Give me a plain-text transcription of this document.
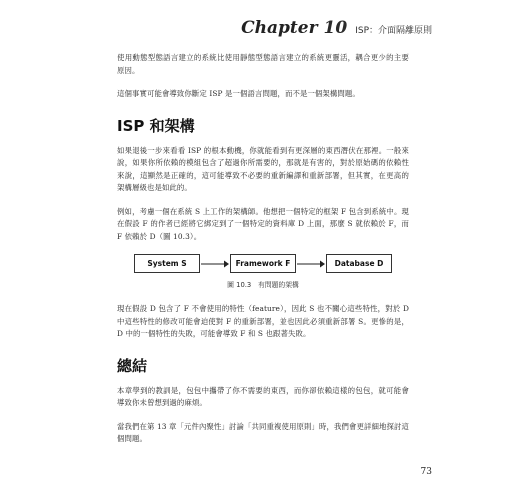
Chapter 10 ISP：介面隔離原則

使用動態型態語言建立的系統比使用靜態型態語言建立的系統更靈活，耦合更少的主要原因。

這個事實可能會導致你斷定 ISP 是一個語言問題，而不是一個架構問題。

ISP 和架構

如果退後一步來看看 ISP 的根本動機，你就能看到有更深層的東西潛伏在那裡。一般來說，如果你所依賴的模組包含了超過你所需要的，那就是有害的，對於原始碼的依賴性來說，這顯然是正確的，這可能導致不必要的重新編譯和重新部署，但其實，在更高的架構層級也是如此的。

例如，考慮一個在系統 S 上工作的架構師。他想把一個特定的框架 F 包含到系統中。現在假設 F 的作者已經將它綁定到了一個特定的資料庫 D 上面，那麼 S 就依賴於 F，而 F 依賴於 D（圖 10.3）。

System S	Framework F	Database D
圖 10.3　有問題的架構

現在假設 D 包含了 F 不會使用的特性（feature），因此 S 也不關心這些特性，對於 D 中這些特性的修改可能會迫使對 F 的重新部署，並也因此必須重新部署 S。更慘的是，D 中的一個特性的失敗，可能會導致 F 和 S 也跟著失敗。

總結

本章學到的教訓是，包包中攜帶了你不需要的東西，而你卻依賴這樣的包包，就可能會導致你未曾想到過的麻煩。

當我們在第 13 章「元件內聚性」討論「共同重複使用原則」時，我們會更詳細地探討這個問題。

73
